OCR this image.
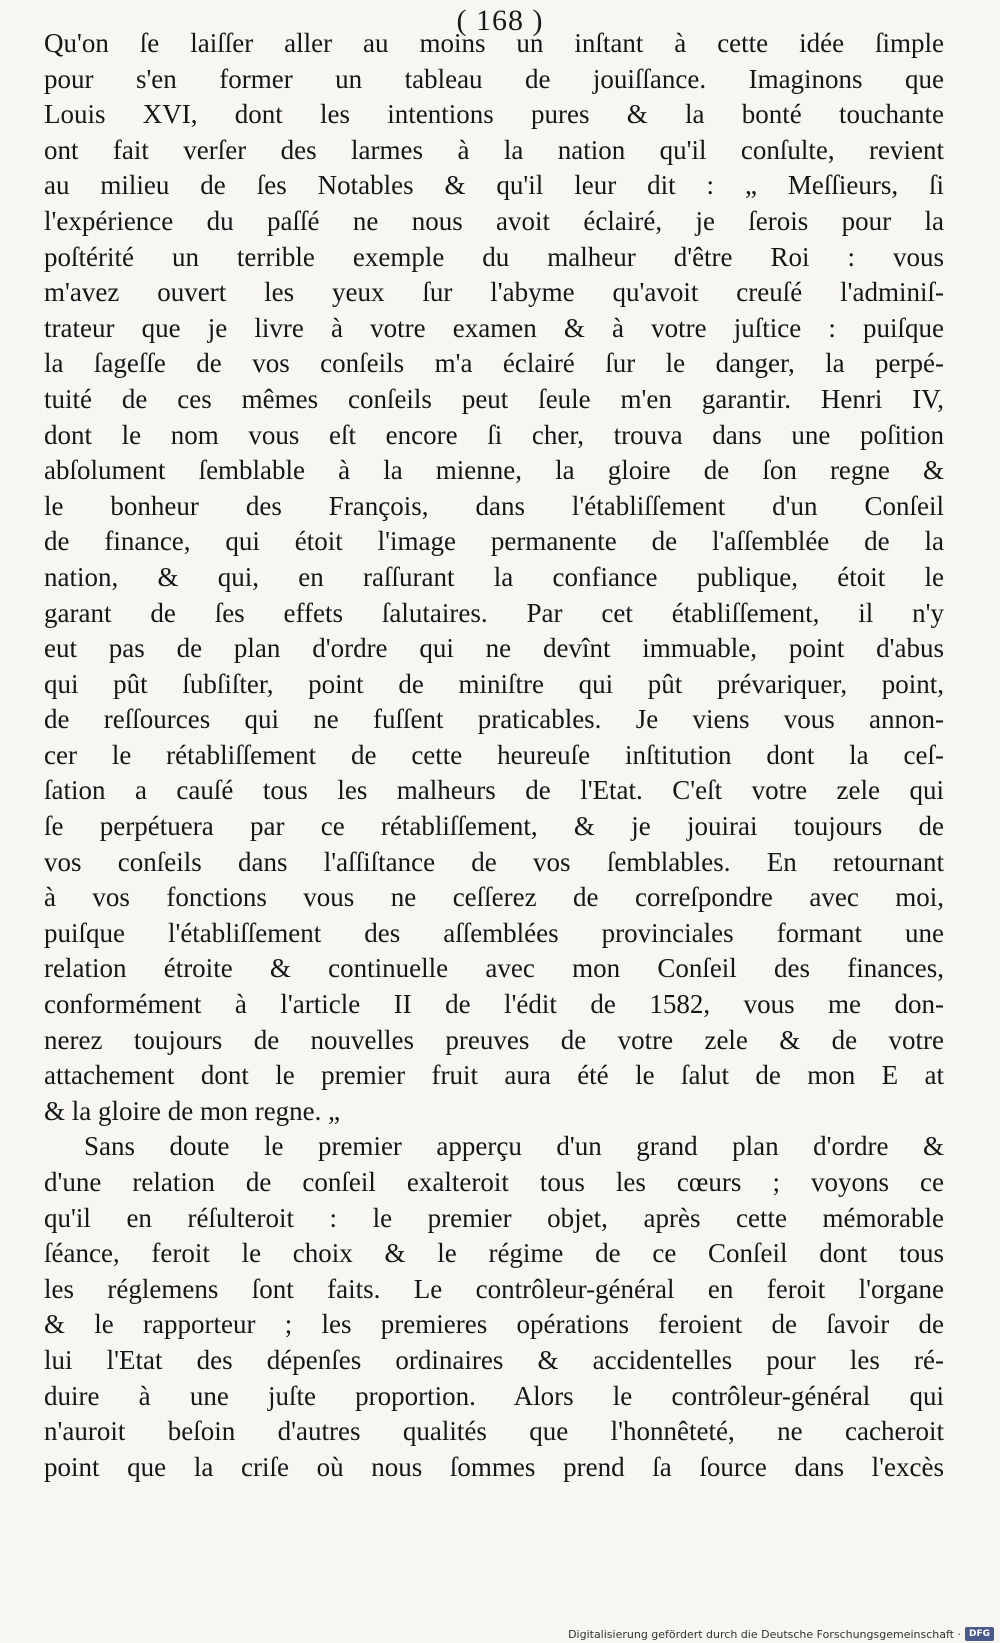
( 168 )
Qu'on ſe laiſſer aller au moins un inſtant à cette idée ſimple
pour s'en former un tableau de jouiſſance. Imaginons que
Louis XVI, dont les intentions pures & la bonté touchante
ont fait verſer des larmes à la nation qu'il conſulte, revient
au milieu de ſes Notables & qu'il leur dit : „ Meſſieurs, ſi
l'expérience du paſſé ne nous avoit éclairé, je ſerois pour la
poſtérité un terrible exemple du malheur d'être Roi : vous
m'avez ouvert les yeux ſur l'abyme qu'avoit creuſé l'adminiſ-
trateur que je livre à votre examen & à votre juſtice : puiſque
la ſageſſe de vos conſeils m'a éclairé ſur le danger, la perpé-
tuité de ces mêmes conſeils peut ſeule m'en garantir. Henri IV,
dont le nom vous eſt encore ſi cher, trouva dans une poſition
abſolument ſemblable à la mienne, la gloire de ſon regne &
le bonheur des François, dans l'établiſſement d'un Conſeil
de finance, qui étoit l'image permanente de l'aſſemblée de la
nation, & qui, en raſſurant la confiance publique, étoit le
garant de ſes effets ſalutaires. Par cet établiſſement, il n'y
eut pas de plan d'ordre qui ne devînt immuable, point d'abus
qui pût ſubſiſter, point de miniſtre qui pût prévariquer, point,
de reſſources qui ne fuſſent praticables. Je viens vous annon-
cer le rétabliſſement de cette heureuſe inſtitution dont la ceſ-
ſation a cauſé tous les malheurs de l'Etat. C'eſt votre zele qui
ſe perpétuera par ce rétabliſſement, & je jouirai toujours de
vos conſeils dans l'aſſiſtance de vos ſemblables. En retournant
à vos fonctions vous ne ceſſerez de correſpondre avec moi,
puiſque l'établiſſement des aſſemblées provinciales formant une
relation étroite & continuelle avec mon Conſeil des finances,
conformément à l'article II de l'édit de 1582, vous me don-
nerez toujours de nouvelles preuves de votre zele & de votre
attachement dont le premier fruit aura été le ſalut de mon E at
& la gloire de mon regne. „
Sans doute le premier apperçu d'un grand plan d'ordre &
d'une relation de conſeil exalteroit tous les cœurs ; voyons ce
qu'il en réſulteroit : le premier objet, après cette mémorable
ſéance, feroit le choix & le régime de ce Conſeil dont tous
les réglemens ſont faits. Le contrôleur-général en feroit l'organe
& le rapporteur ; les premieres opérations feroient de ſavoir de
lui l'Etat des dépenſes ordinaires & accidentelles pour les ré-
duire à une juſte proportion. Alors le contrôleur-général qui
n'auroit beſoin d'autres qualités que l'honnêteté, ne cacheroit
point que la criſe où nous ſommes prend ſa ſource dans l'excès
Digitalisierung gefördert durch die Deutsche Forschungsgemeinschaft · DFG
